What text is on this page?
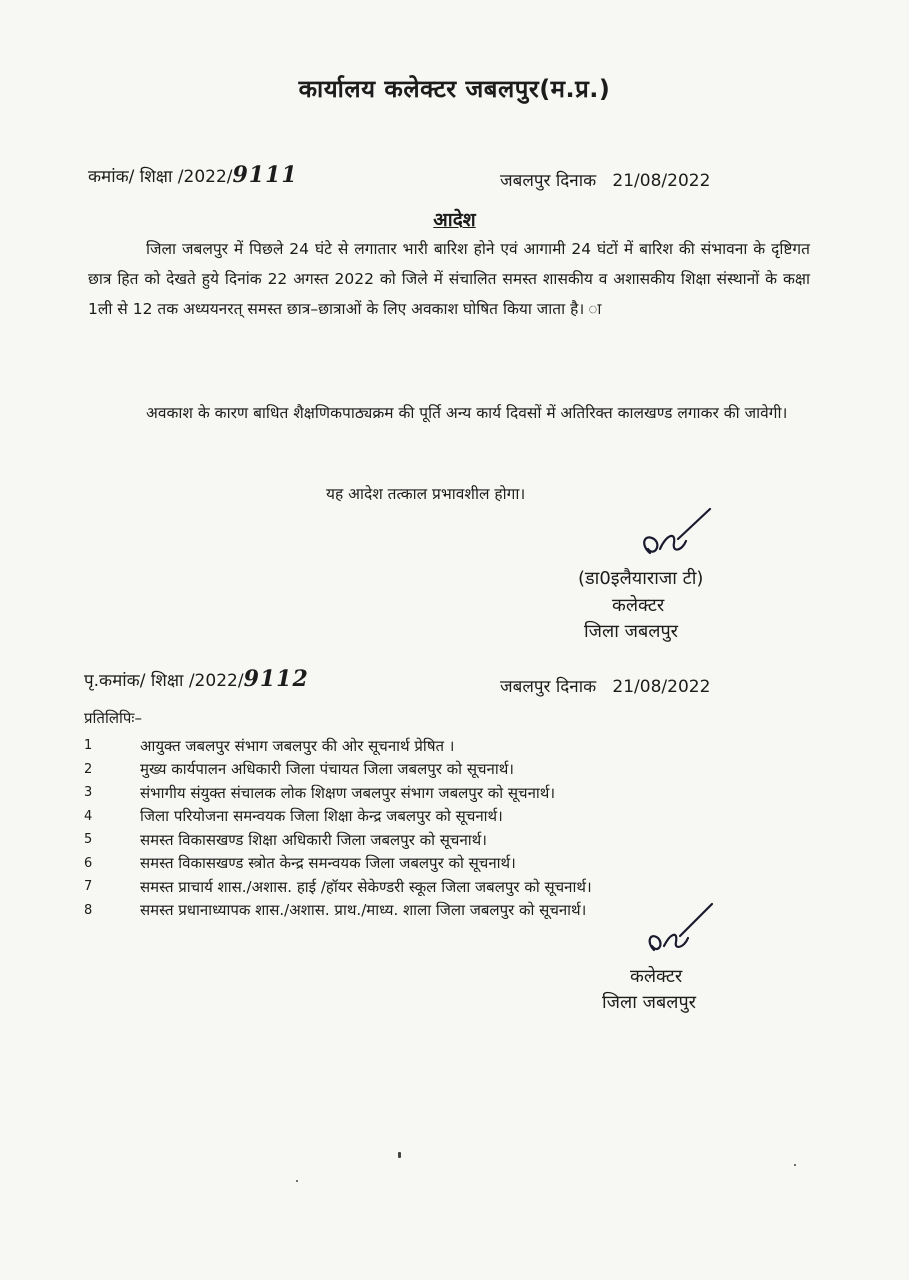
कार्यालय कलेक्टर जबलपुर(म.प्र.)
कमांक/ शिक्षा /2022/9111	जबलपुर दिनाक 21/08/2022
आदेश

जिला जबलपुर में पिछले 24 घंटे से लगातार भारी बारिश होने एवं आगामी 24 घंटों में बारिश की संभावना के दृष्टिगत छात्र हित को देखते हुये दिनांक 22 अगस्त 2022 को जिले में संचालित समस्त शासकीय व अशासकीय शिक्षा संस्थानों के कक्षा 1ली से 12 तक अध्ययनरत् समस्त छात्र–छात्राओं के लिए अवकाश घोषित किया जाता है। ा

अवकाश के कारण बाधित शैक्षणिकपाठ्यक्रम की पूर्ति अन्य कार्य दिवसों में अतिरिक्त कालखण्ड लगाकर की जावेगी।

यह आदेश तत्काल प्रभावशील होगा।
(डा0इलैयाराजा टी)
कलेक्टर
जिला जबलपुर
पृ.कमांक/ शिक्षा /2022/9112	जबलपुर दिनाक 21/08/2022
प्रतिलिपिः–
1	आयुक्त जबलपुर संभाग जबलपुर की ओर सूचनार्थ प्रेषित ।
2	मुख्य कार्यपालन अधिकारी जिला पंचायत जिला जबलपुर को सूचनार्थ।
3	संभागीय संयुक्त संचालक लोक शिक्षण जबलपुर संभाग जबलपुर को सूचनार्थ।
4	जिला परियोजना समन्वयक जिला शिक्षा केन्द्र जबलपुर को सूचनार्थ।
5	समस्त विकासखण्ड शिक्षा अधिकारी जिला जबलपुर को सूचनार्थ।
6	समस्त विकासखण्ड स्त्रोत केन्द्र समन्वयक जिला जबलपुर को सूचनार्थ।
7	समस्त प्राचार्य शास./अशास. हाई /हॉयर सेकेण्डरी स्कूल जिला जबलपुर को सूचनार्थ।
8	समस्त प्रधानाध्यापक शास./अशास. प्राथ./माध्य. शाला जिला जबलपुर को सूचनार्थ।
कलेक्टर
जिला जबलपुर
